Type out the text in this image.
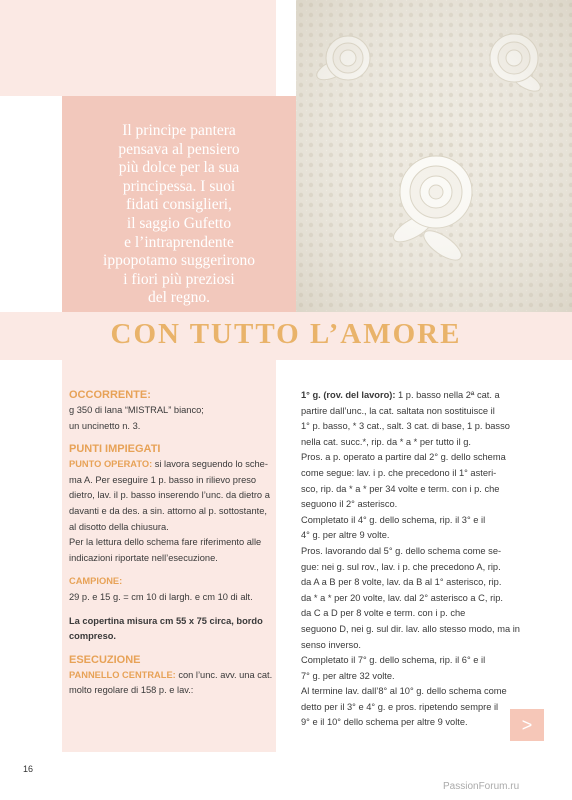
Il principe pantera
pensava al pensiero
più dolce per la sua
principessa. I suoi
fidati consiglieri,
il saggio Gufetto
e l’intraprendente
ippopotamo suggerirono
i fiori più preziosi
del regno.
CON TUTTO L’AMORE
OCCORRENTE:
g 350 di lana “MISTRAL” bianco;
un uncinetto n. 3.
PUNTI IMPIEGATI
PUNTO OPERATO: si lavora seguendo lo sche-
ma A. Per eseguire 1 p. basso in rilievo preso
dietro, lav. il p. basso inserendo l’unc. da dietro a
davanti e da des. a sin. attorno al p. sottostante,
al disotto della chiusura.
Per la lettura dello schema fare riferimento alle
indicazioni riportate nell’esecuzione.
CAMPIONE:
29 p. e 15 g. = cm 10 di largh. e cm 10 di alt.
La copertina misura cm 55 x 75 circa, bordo
compreso.
ESECUZIONE
PANNELLO CENTRALE: con l’unc. avv. una cat.
molto regolare di 158 p. e lav.:
1° g. (rov. del lavoro): 1 p. basso nella 2ª cat. a
partire dall’unc., la cat. saltata non sostituisce il
1° p. basso, * 3 cat., salt. 3 cat. di base, 1 p. basso
nella cat. succ.*, rip. da * a * per tutto il g.
Pros. a p. operato a partire dal 2° g. dello schema
come segue: lav. i p. che precedono il 1° asteri-
sco, rip. da * a * per 34 volte e term. con i p. che
seguono il 2° asterisco.
Completato il 4° g. dello schema, rip. il 3° e il
4° g. per altre 9 volte.
Pros. lavorando dal 5° g. dello schema come se-
gue: nei g. sul rov., lav. i p. che precedono A, rip.
da A a B per 8 volte, lav. da B al 1° asterisco, rip.
da * a * per 20 volte, lav. dal 2° asterisco a C, rip.
da C a D per 8 volte e term. con i p. che
seguono D, nei g. sul dir. lav. allo stesso modo, ma in
senso inverso.
Completato il 7° g. dello schema, rip. il 6° e il
7° g. per altre 32 volte.
Al termine lav. dall’8° al 10° g. dello schema come
detto per il 3° e 4° g. e pros. ripetendo sempre il
9° e il 10° dello schema per altre 9 volte.	>
16
PassionForum.ru
